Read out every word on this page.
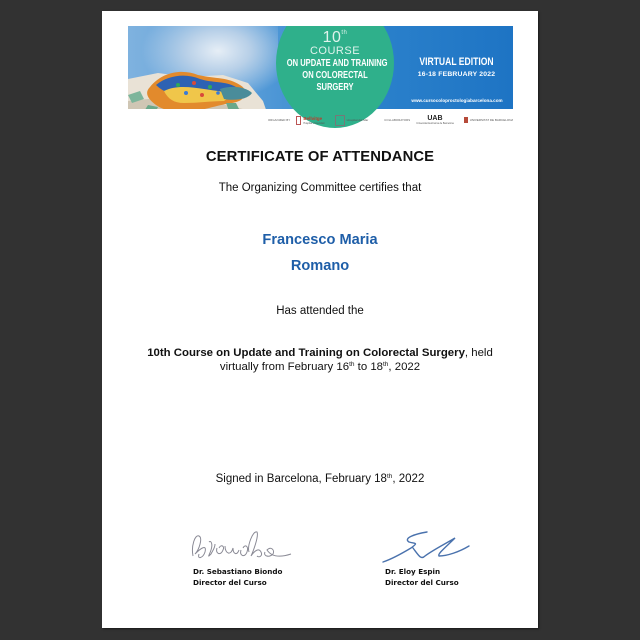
10th
COURSE
ON UPDATE AND TRAINING
ON COLORECTAL
SURGERY
VIRTUAL EDITION
16-18 FEBRUARY 2022
www.cursocoloproctologiabarcelona.com
ORGANIZED BY	Bellvitge
Hospital Universitari
Hospital del Mar	COLLABORATORS UAB
Universitat Autònoma de Barcelona
UNIVERSITAT DE BARCELONA
CERTIFICATE OF ATTENDANCE
The Organizing Committee certifies that
Francesco Maria
Romano
Has attended the
10th Course on Update and Training on Colorectal Surgery, held
virtually from February 16th to 18th, 2022
Signed in Barcelona, February 18th, 2022
Dr. Sebastiano Biondo
Director del Curso
Dr. Eloy Espin
Director del Curso
